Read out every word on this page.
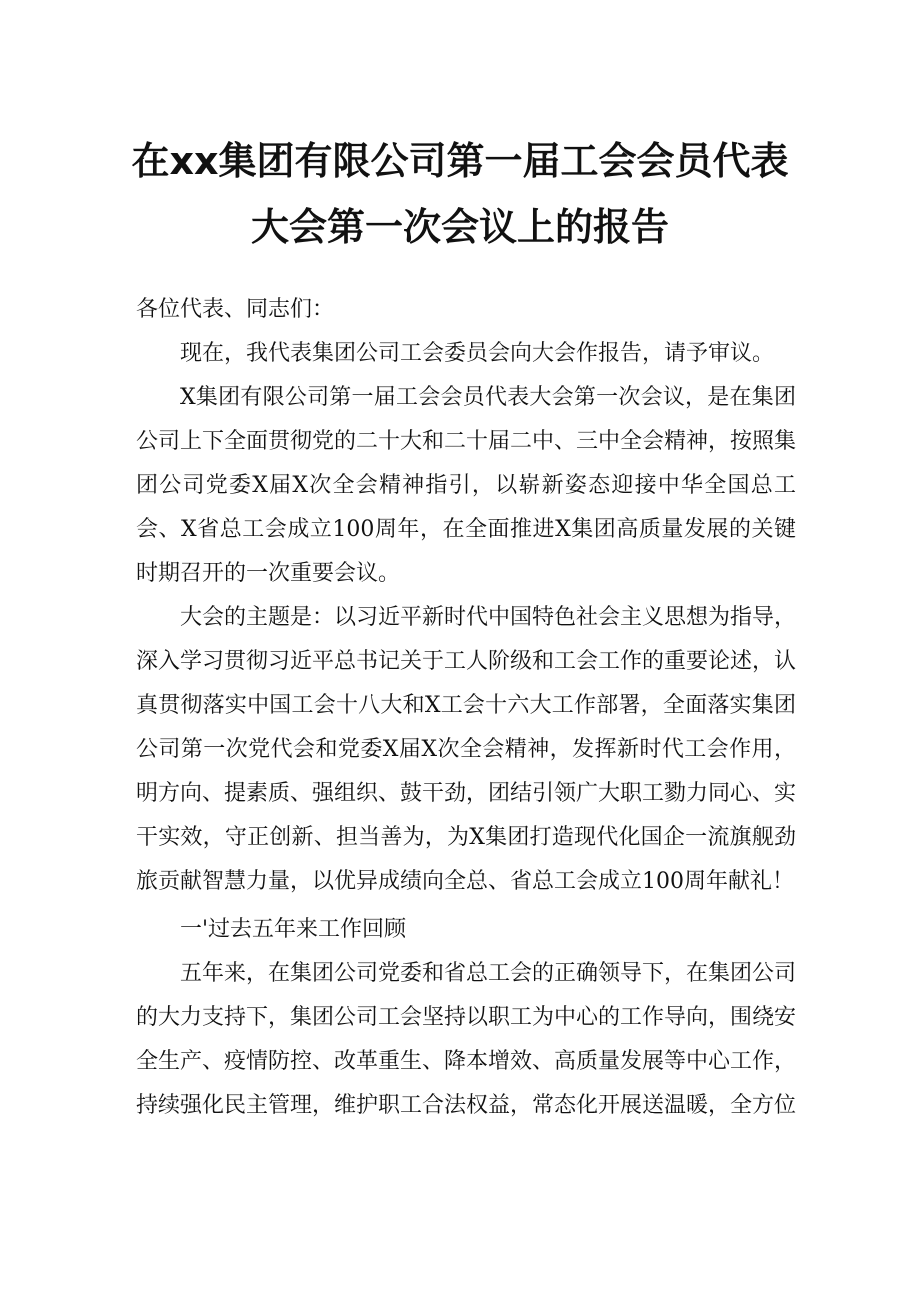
在xx集团有限公司第一届工会会员代表
大会第一次会议上的报告
各位代表、同志们：

现在，我代表集团公司工会委员会向大会作报告，请予审议。

X集团有限公司第一届工会会员代表大会第一次会议，是在集团公司上下全面贯彻党的二十大和二十届二中、三中全会精神，按照集团公司党委X届X次全会精神指引，以崭新姿态迎接中华全国总工会、X省总工会成立100周年，在全面推进X集团高质量发展的关键时期召开的一次重要会议。

大会的主题是：以习近平新时代中国特色社会主义思想为指导，深入学习贯彻习近平总书记关于工人阶级和工会工作的重要论述，认真贯彻落实中国工会十八大和X工会十六大工作部署，全面落实集团公司第一次党代会和党委X届X次全会精神，发挥新时代工会作用，明方向、提素质、强组织、鼓干劲，团结引领广大职工勠力同心、实干实效，守正创新、担当善为，为X集团打造现代化国企一流旗舰劲旅贡献智慧力量，以优异成绩向全总、省总工会成立100周年献礼！

一'过去五年来工作回顾

五年来，在集团公司党委和省总工会的正确领导下，在集团公司的大力支持下，集团公司工会坚持以职工为中心的工作导向，围绕安全生产、疫情防控、改革重生、降本增效、高质量发展等中心工作，持续强化民主管理，维护职工合法权益，常态化开展送温暖，全方位
